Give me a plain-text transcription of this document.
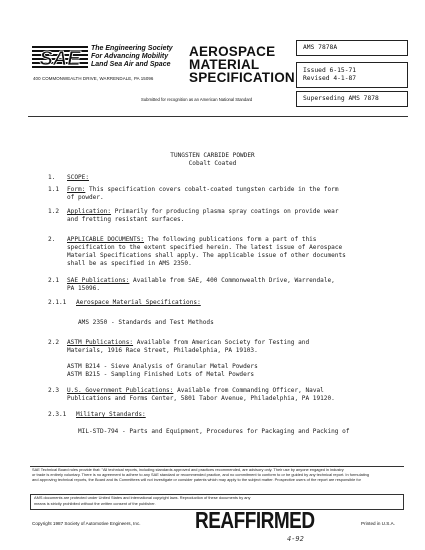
SAE The Engineering Society
For Advancing Mobility
Land Sea Air and Space
400 COMMONWEALTH DRIVE, WARRENDALE, PA 15096
AEROSPACE
MATERIAL
SPECIFICATION
Submitted for recognition as an American National Standard
AMS 7878A
Issued 6-15-71
Revised 4-1-87
Superseding AMS 7878
TUNGSTEN CARBIDE POWDER
Cobalt Coated
1. SCOPE:
1.1 Form: This specification covers cobalt-coated tungsten carbide in the form
of powder.
1.2 Application: Primarily for producing plasma spray coatings on provide wear
and fretting resistant surfaces.
2. APPLICABLE DOCUMENTS: The following publications form a part of this
specification to the extent specified herein. The latest issue of Aerospace
Material Specifications shall apply. The applicable issue of other documents
shall be as specified in AMS 2350.
2.1 SAE Publications: Available from SAE, 400 Commonwealth Drive, Warrendale,
PA 15096.
2.1.1 Aerospace Material Specifications:
AMS 2350 - Standards and Test Methods
2.2 ASTM Publications: Available from American Society for Testing and
Materials, 1916 Race Street, Philadelphia, PA 19103.
ASTM B214 - Sieve Analysis of Granular Metal Powders
ASTM B215 - Sampling Finished Lots of Metal Powders
2.3 U.S. Government Publications: Available from Commanding Officer, Naval
Publications and Forms Center, 5801 Tabor Avenue, Philadelphia, PA 19120.
2.3.1 Military Standards:
MIL-STD-794 - Parts and Equipment, Procedures for Packaging and Packing of
SAE Technical Board rules provide that: "All technical reports, including standards approved and practices recommended, are advisory only. Their use by anyone engaged in industry
or trade is entirely voluntary. There is no agreement to adhere to any SAE standard or recommended practice, and no commitment to conform to or be guided by any technical report. In formulating
and approving technical reports, the Board and its Committees will not investigate or consider patents which may apply to the subject matter. Prospective users of the report are responsible for
AMS documents are protected under United States and international copyright laws. Reproduction of these documents by any
means is strictly prohibited without the written consent of the publisher.
Copyright 1987 Society of Automotive Engineers, Inc.	Printed in U.S.A.
REAFFIRMED
4-92
